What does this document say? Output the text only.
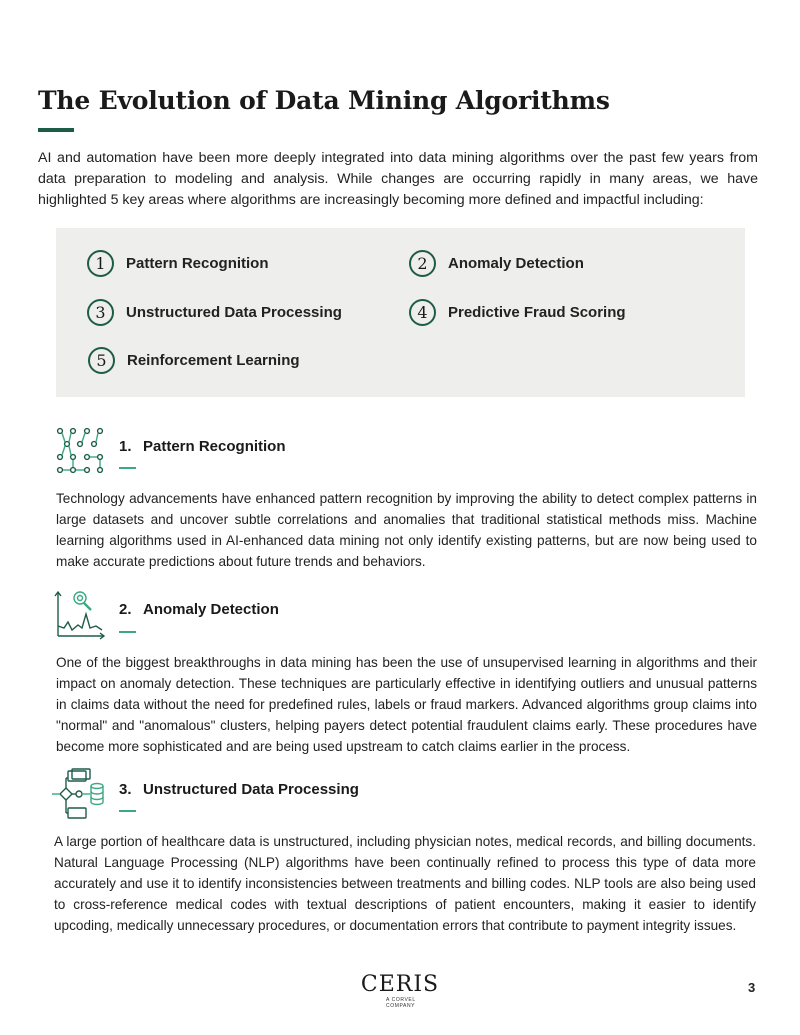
The Evolution of Data Mining Algorithms

AI and automation have been more deeply integrated into data mining algorithms over the past few years from data preparation to modeling and analysis. While changes are occurring rapidly in many areas, we have highlighted 5 key areas where algorithms are increasingly becoming more defined and impactful including:

1	Pattern Recognition	2	Anomaly Detection
3	Unstructured Data Processing	4	Predictive Fraud Scoring
5	Reinforcement Learning
1. Pattern Recognition

Technology advancements have enhanced pattern recognition by improving the ability to detect complex patterns in large datasets and uncover subtle correlations and anomalies that traditional statistical methods miss. Machine learning algorithms used in AI-enhanced data mining not only identify existing patterns, but are now being used to make accurate predictions about future trends and behaviors.

2. Anomaly Detection

One of the biggest breakthroughs in data mining has been the use of unsupervised learning in algorithms and their impact on anomaly detection. These techniques are particularly effective in identifying outliers and unusual patterns in claims data without the need for predefined rules, labels or fraud markers. Advanced algorithms group claims into "normal" and "anomalous" clusters, helping payers detect potential fraudulent claims early. These procedures have become more sophisticated and are being used upstream to catch claims earlier in the process.

3. Unstructured Data Processing

A large portion of healthcare data is unstructured, including physician notes, medical records, and billing documents. Natural Language Processing (NLP) algorithms have been continually refined to process this type of data more accurately and use it to identify inconsistencies between treatments and billing codes. NLP tools are also being used to cross-reference medical codes with textual descriptions of patient encounters, making it easier to identify upcoding, medically unnecessary procedures, or documentation errors that contribute to payment integrity issues.

CERIS
A CORVEL COMPANY
3
